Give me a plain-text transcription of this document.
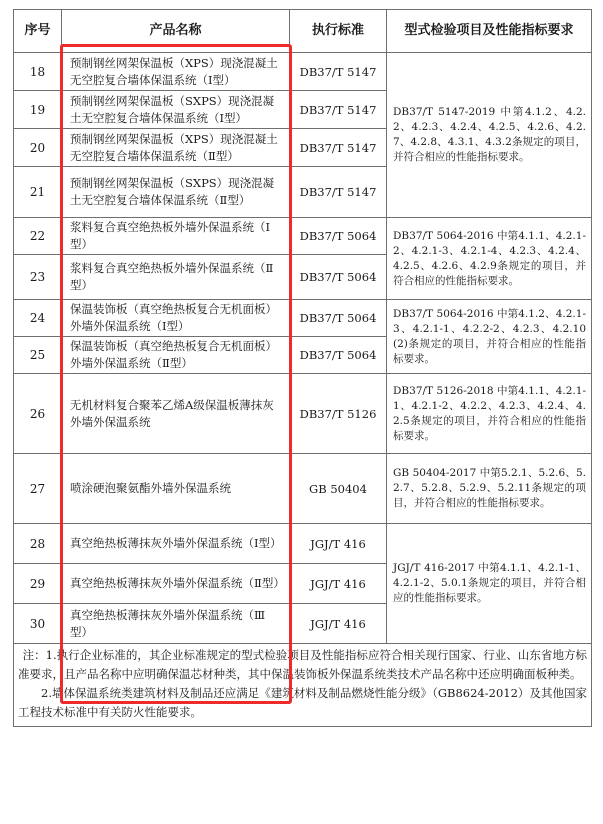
序号	产品名称	执行标准	型式检验项目及性能指标要求
18	预制钢丝网架保温板（XPS）现浇混凝土无空腔复合墙体保温系统（Ⅰ型）	DB37/T 5147	DB37/T 5147-2019 中第4.1.2、4.2.2、4.2.3、4.2.4、4.2.5、4.2.6、4.2.7、4.2.8、4.3.1、4.3.2条规定的项目，并符合相应的性能指标要求。
19	预制钢丝网架保温板（SXPS）现浇混凝土无空腔复合墙体保温系统（Ⅰ型）	DB37/T 5147	
20	预制钢丝网架保温板（XPS）现浇混凝土无空腔复合墙体保温系统（Ⅱ型）	DB37/T 5147	
21	预制钢丝网架保温板（SXPS）现浇混凝土无空腔复合墙体保温系统（Ⅱ型）	DB37/T 5147	
22	浆料复合真空绝热板外墙外保温系统（Ⅰ型）	DB37/T 5064	DB37/T 5064-2016 中第4.1.1、4.2.1-2、4.2.1-3、4.2.1-4、4.2.3、4.2.4、4.2.5、4.2.6、4.2.9条规定的项目，并符合相应的性能指标要求。
23	浆料复合真空绝热板外墙外保温系统（Ⅱ型）	DB37/T 5064	
24	保温装饰板（真空绝热板复合无机面板）外墙外保温系统（Ⅰ型）	DB37/T 5064	DB37/T 5064-2016 中第4.1.2、4.2.1-3、4.2.1-1、4.2.2-2、4.2.3、4.2.10(2)条规定的项目，并符合相应的性能指标要求。
25	保温装饰板（真空绝热板复合无机面板）外墙外保温系统（Ⅱ型）	DB37/T 5064	
26	无机材料复合聚苯乙烯A级保温板薄抹灰外墙外保温系统	DB37/T 5126	DB37/T 5126-2018 中第4.1.1、4.2.1-1、4.2.1-2、4.2.2、4.2.3、4.2.4、4.2.5条规定的项目，并符合相应的性能指标要求。
27	喷涂硬泡聚氨酯外墙外保温系统	GB 50404	GB 50404-2017 中第5.2.1、5.2.6、5.2.7、5.2.8、5.2.9、5.2.11条规定的项目，并符合相应的性能指标要求。
28	真空绝热板薄抹灰外墙外保温系统（Ⅰ型）	JGJ/T 416	JGJ/T 416-2017 中第4.1.1、4.2.1-1、4.2.1-2、5.0.1条规定的项目，并符合相应的性能指标要求。
29	真空绝热板薄抹灰外墙外保温系统（Ⅱ型）	JGJ/T 416	
30	真空绝热板薄抹灰外墙外保温系统（Ⅲ型）	JGJ/T 416	

注：1.执行企业标准的，其企业标准规定的型式检验项目及性能指标应符合相关现行国家、行业、山东省地方标准要求，且产品名称中应明确保温芯材种类，其中保温装饰板外保温系统类技术产品名称中还应明确面板种类。
2.墙体保温系统类建筑材料及制品还应满足《建筑材料及制品燃烧性能分级》（GB8624-2012）及其他国家工程技术标准中有关防火性能要求。			
